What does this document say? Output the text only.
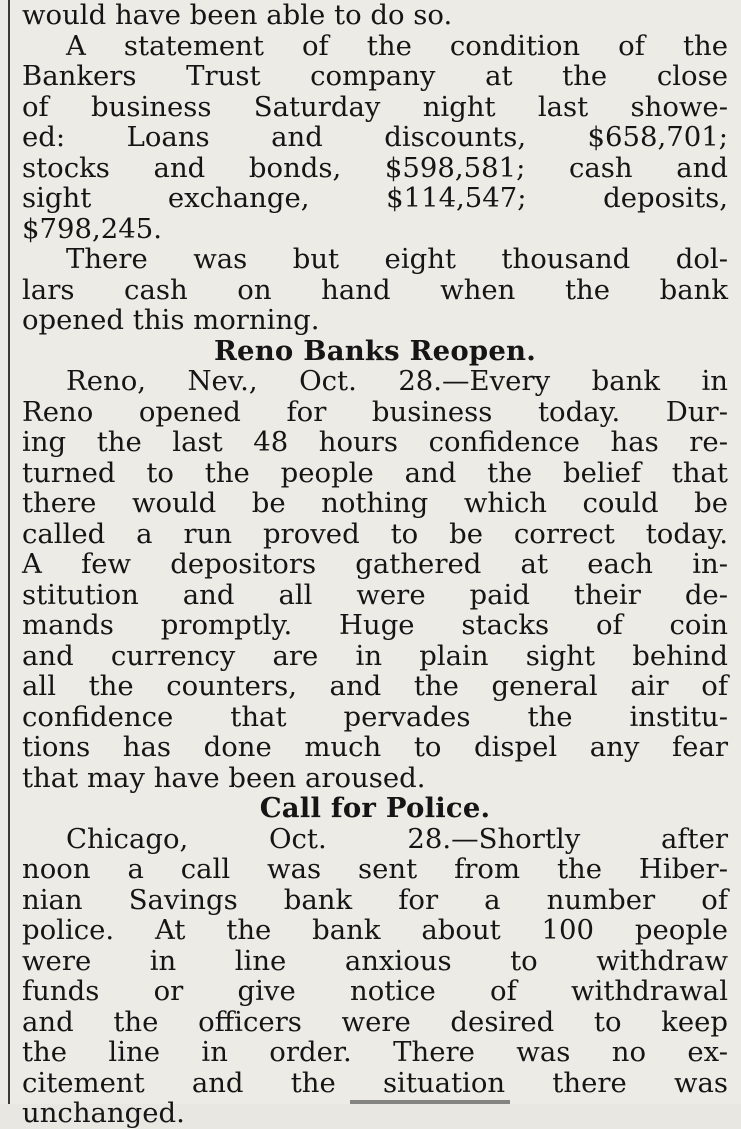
would have been able to do so.
A statement of the condition of the
Bankers Trust company at the close
of business Saturday night last showe-
ed: Loans and discounts, $658,701;
stocks and bonds, $598,581; cash and
sight exchange, $114,547; deposits,
$798,245.
There was but eight thousand dol-
lars cash on hand when the bank
opened this morning.
Reno Banks Reopen.
Reno, Nev., Oct. 28.—Every bank in
Reno opened for business today. Dur-
ing the last 48 hours confidence has re-
turned to the people and the belief that
there would be nothing which could be
called a run proved to be correct today.
A few depositors gathered at each in-
stitution and all were paid their de-
mands promptly. Huge stacks of coin
and currency are in plain sight behind
all the counters, and the general air of
confidence that pervades the institu-
tions has done much to dispel any fear
that may have been aroused.
Call for Police.
Chicago, Oct. 28.—Shortly after
noon a call was sent from the Hiber-
nian Savings bank for a number of
police. At the bank about 100 people
were in line anxious to withdraw
funds or give notice of withdrawal
and the officers were desired to keep
the line in order. There was no ex-
citement and the situation there was
unchanged.
